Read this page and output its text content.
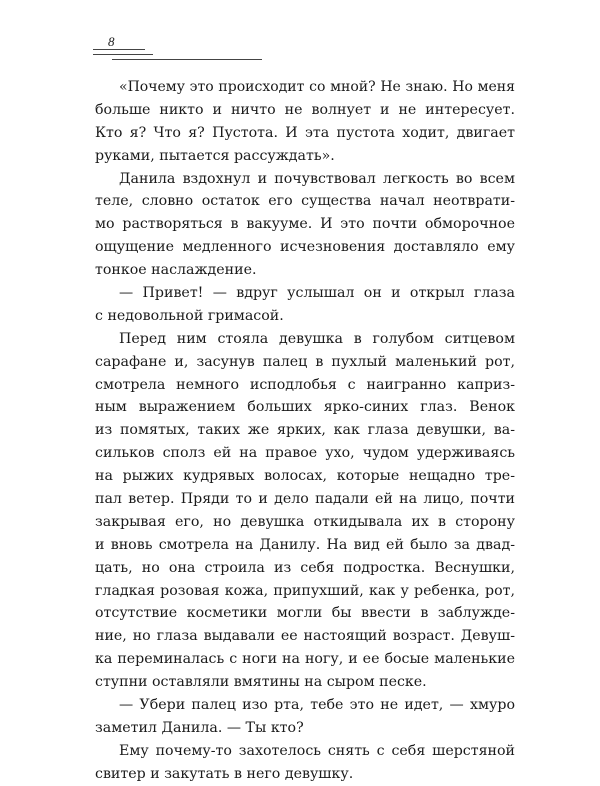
8
«Почему это происходит со мной? Не знаю. Но меня
больше никто и ничто не волнует и не интересует.
Кто я? Что я? Пустота. И эта пустота ходит, двигает
руками, пытается рассуждать».
Данила вздохнул и почувствовал легкость во всем
теле, словно остаток его существа начал неотврати-
мо растворяться в вакууме. И это почти обморочное
ощущение медленного исчезновения доставляло ему
тонкое наслаждение.
— Привет! — вдруг услышал он и открыл глаза
с недовольной гримасой.
Перед ним стояла девушка в голубом ситцевом
сарафане и, засунув палец в пухлый маленький рот,
смотрела немного исподлобья с наигранно каприз-
ным выражением больших ярко-синих глаз. Венок
из помятых, таких же ярких, как глаза девушки, ва-
сильков сполз ей на правое ухо, чудом удерживаясь
на рыжих кудрявых волосах, которые нещадно тре-
пал ветер. Пряди то и дело падали ей на лицо, почти
закрывая его, но девушка откидывала их в сторону
и вновь смотрела на Данилу. На вид ей было за двад-
цать, но она строила из себя подростка. Веснушки,
гладкая розовая кожа, припухший, как у ребенка, рот,
отсутствие косметики могли бы ввести в заблужде-
ние, но глаза выдавали ее настоящий возраст. Девуш-
ка переминалась с ноги на ногу, и ее босые маленькие
ступни оставляли вмятины на сыром песке.
— Убери палец изо рта, тебе это не идет, — хмуро
заметил Данила. — Ты кто?
Ему почему-то захотелось снять с себя шерстяной
свитер и закутать в него девушку.
